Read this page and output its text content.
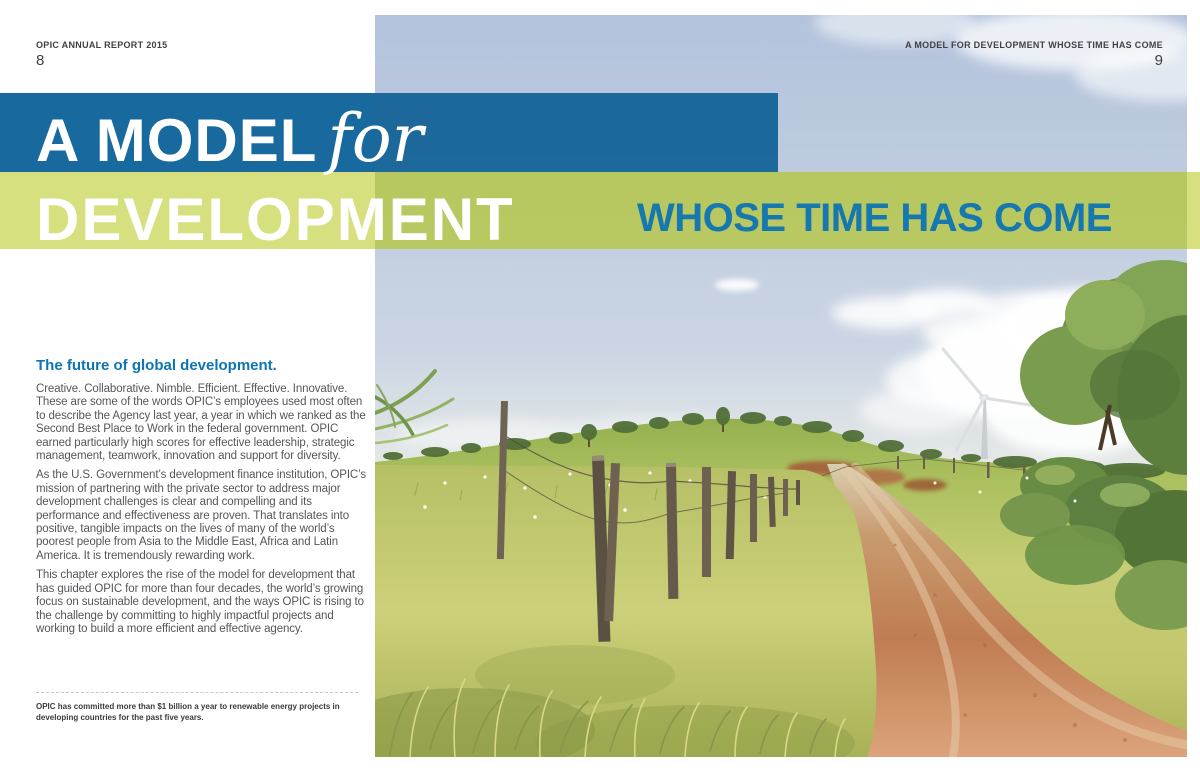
A MODEL for
DEVELOPMENT	WHOSE TIME HAS COME
OPIC ANNUAL REPORT 2015
8
A MODEL FOR DEVELOPMENT WHOSE TIME HAS COME
9
The future of global development.

Creative. Collaborative. Nimble. Efficient. Effective. Innovative. These are some of the words OPIC’s employees used most often to describe the Agency last year, a year in which we ranked as the Second Best Place to Work in the federal government. OPIC earned particularly high scores for effective leadership, strategic management, teamwork, innovation and support for diversity.

As the U.S. Government’s development finance institution, OPIC’s mission of partnering with the private sector to address major development challenges is clear and compelling and its performance and effectiveness are proven. That translates into positive, tangible impacts on the lives of many of the world’s poorest people from Asia to the Middle East, Africa and Latin America. It is tremendously rewarding work.

This chapter explores the rise of the model for development that has guided OPIC for more than four decades, the world’s growing focus on sustainable development, and the ways OPIC is rising to the challenge by committing to highly impactful projects and working to build a more efficient and effective agency.

OPIC has committed more than $1 billion a year to renewable energy projects in developing countries for the past five years.
